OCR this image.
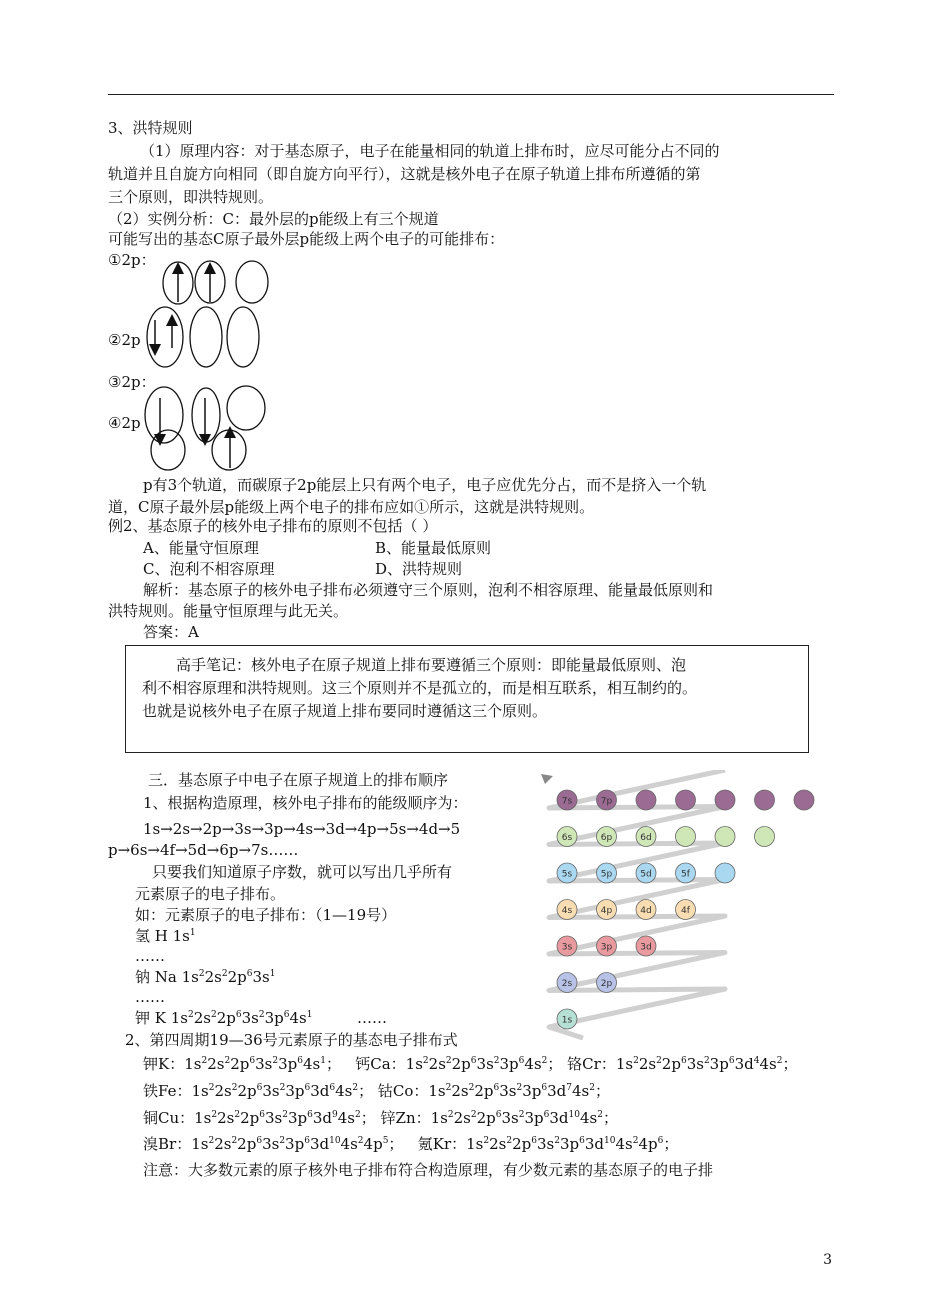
3、洪特规则
（1）原理内容：对于基态原子，电子在能量相同的轨道上排布时，应尽可能分占不同的
轨道并且自旋方向相同（即自旋方向平行），这就是核外电子在原子轨道上排布所遵循的第
三个原则，即洪特规则。
（2）实例分析：C：最外层的p能级上有三个规道
可能写出的基态C原子最外层p能级上两个电子的可能排布：
①2p：
②2p
③2p：
④2p
p有3个轨道，而碳原子2p能层上只有两个电子，电子应优先分占，而不是挤入一个轨
道，C原子最外层p能级上两个电子的排布应如①所示，这就是洪特规则。
例2、基态原子的核外电子排布的原则不包括（ ）
A、能量守恒原理	B、能量最低原则
C、泡利不相容原理	D、洪特规则
解析：基态原子的核外电子排布必须遵守三个原则，泡利不相容原理、能量最低原则和
洪特规则。能量守恒原理与此无关。
答案：A
高手笔记：核外电子在原子规道上排布要遵循三个原则：即能量最低原则、泡
利不相容原理和洪特规则。这三个原则并不是孤立的，而是相互联系，相互制约的。
也就是说核外电子在原子规道上排布要同时遵循这三个原则。
三．基态原子中电子在原子规道上的排布顺序
1、根据构造原理，核外电子排布的能级顺序为：
1s→2s→2p→3s→3p→4s→3d→4p→5s→4d→5
p→6s→4f→5d→6p→7s……
只要我们知道原子序数，就可以写出几乎所有
元素原子的电子排布。
如：元素原子的电子排布：（1—19号）
氢 H $1s^1$
……
钠 Na $1s^22s^22p^63s^1$
……
钾 K $1s^22s^22p^63s^23p^64s^1$	……
2、第四周期19—36号元素原子的基态电子排布式
钾K：$1s^22s^22p^63s^23p^64s^1$；   钙Ca：$1s^22s^22p^63s^23p^64s^2$； 铬Cr：$1s^22s^22p^63s^23p^63d^44s^2$；
铁Fe：$1s^22s^22p^63s^23p^63d^64s^2$； 钴Co：$1s^22s^22p^63s^23p^63d^74s^2$；
铜Cu：$1s^22s^22p^63s^23p^63d^94s^2$； 锌Zn：$1s^22s^22p^63s^23p^63d^{10}4s^2$；
溴Br：$1s^22s^22p^63s^23p^63d^{10}4s^24p^5$；   氪Kr：$1s^22s^22p^63s^23p^63d^{10}4s^24p^6$；
注意：大多数元素的原子核外电子排布符合构造原理，有少数元素的基态原子的电子排
7s	7p
6s	6p	6d
5s	5p	5d	5f
4s	4p	4d	4f
3s	3p	3d
2s	2p
1s
3
